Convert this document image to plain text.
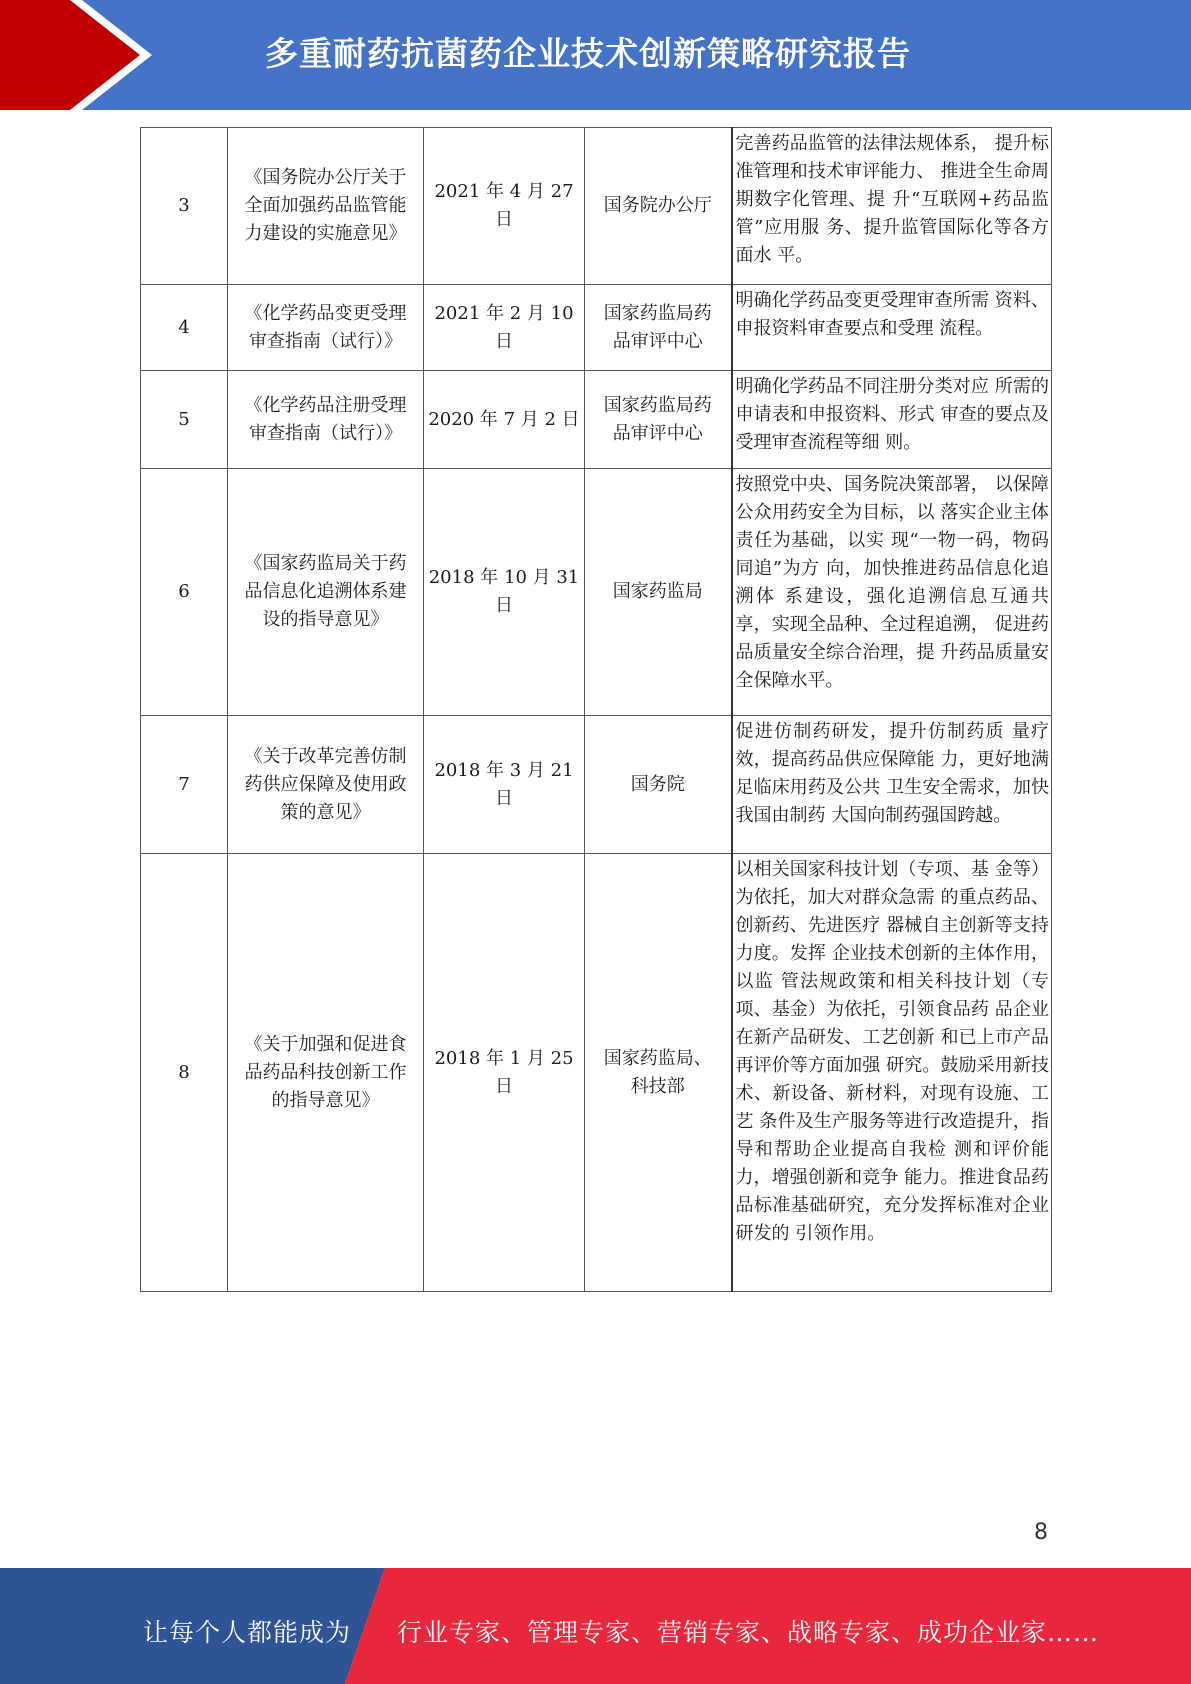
多重耐药抗菌药企业技术创新策略研究报告
3	《国务院办公厅关于全面加强药品监管能力建设的实施意见》	2021 年 4 月 27 日	国务院办公厅	完善药品监管的法律法规体系， 提升标准管理和技术审评能力、 推进全生命周期数字化管理、提 升“互联网+药品监管”应用服 务、提升监管国际化等各方面水 平。
4	《化学药品变更受理审查指南（试行）》	2021 年 2 月 10 日	国家药监局药品审评中心	明确化学药品变更受理审查所需 资料、申报资料审查要点和受理 流程。
5	《化学药品注册受理审查指南（试行）》	2020 年 7 月 2 日	国家药监局药品审评中心	明确化学药品不同注册分类对应 所需的申请表和申报资料、形式 审查的要点及受理审查流程等细 则。
6	《国家药监局关于药品信息化追溯体系建设的指导意见》	2018 年 10 月 31 日	国家药监局	按照党中央、国务院决策部署， 以保障公众用药安全为目标，以 落实企业主体责任为基础，以实 现“一物一码，物码同追”为方 向，加快推进药品信息化追溯体 系建设，强化追溯信息互通共 享，实现全品种、全过程追溯， 促进药品质量安全综合治理，提 升药品质量安全保障水平。
7	《关于改革完善仿制药供应保障及使用政策的意见》	2018 年 3 月 21 日	国务院	促进仿制药研发，提升仿制药质 量疗效，提高药品供应保障能 力，更好地满足临床用药及公共 卫生安全需求，加快我国由制药 大国向制药强国跨越。
8	《关于加强和促进食品药品科技创新工作的指导意见》	2018 年 1 月 25 日	国家药监局、科技部	以相关国家科技计划（专项、基 金等）为依托，加大对群众急需 的重点药品、创新药、先进医疗 器械自主创新等支持力度。发挥 企业技术创新的主体作用，以监 管法规政策和相关科技计划（专 项、基金）为依托，引领食品药 品企业在新产品研发、工艺创新 和已上市产品再评价等方面加强 研究。鼓励采用新技术、新设备、新材料，对现有设施、工艺 条件及生产服务等进行改造提升，指导和帮助企业提高自我检 测和评价能力，增强创新和竞争 能力。推进食品药品标准基础研究，充分发挥标准对企业研发的 引领作用。
8
让每个人都能成为 行业专家、管理专家、营销专家、战略专家、成功企业家……
